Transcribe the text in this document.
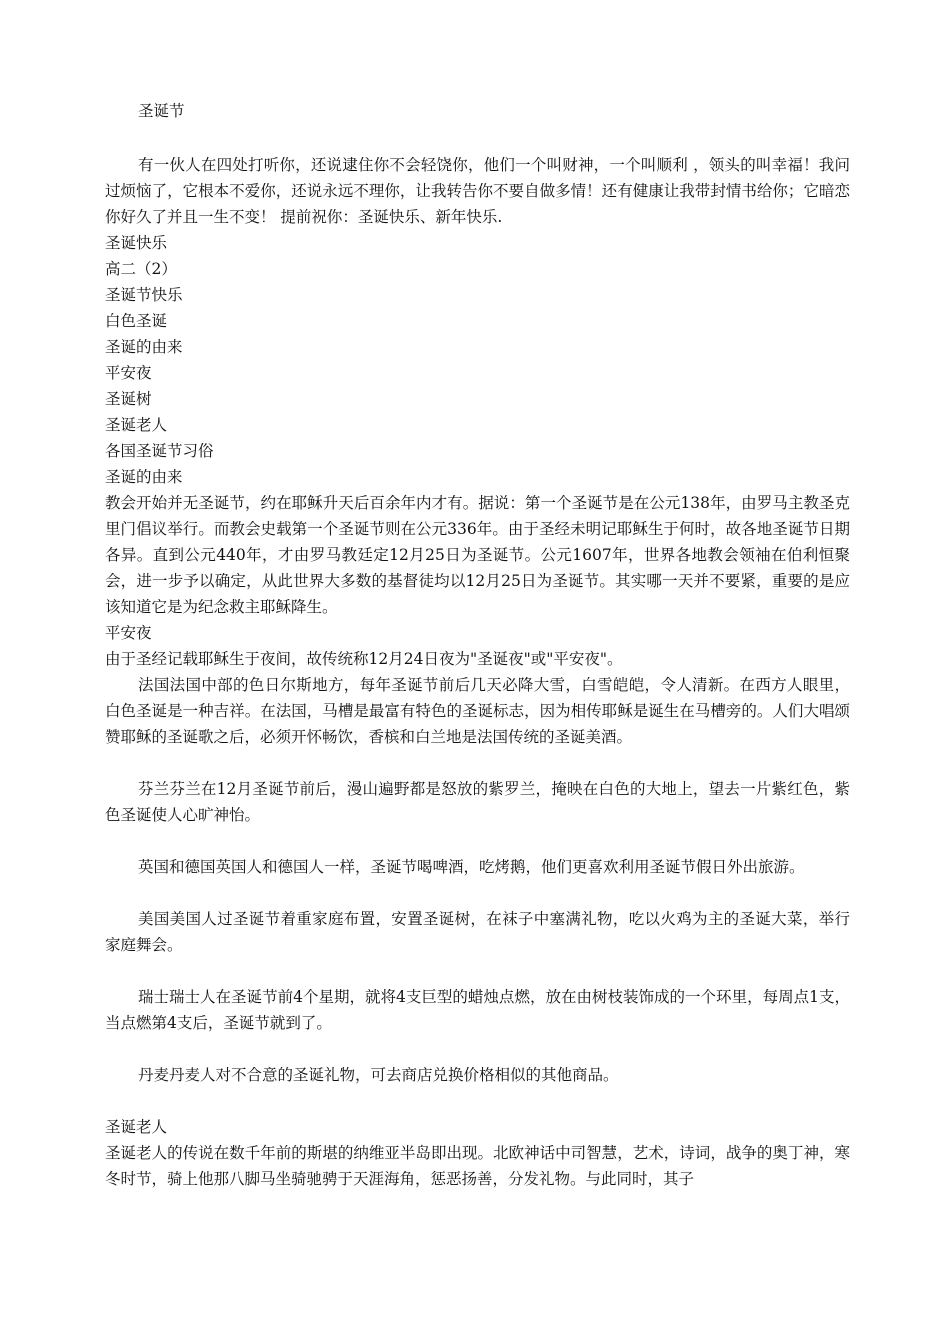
圣诞节

有一伙人在四处打听你，还说逮住你不会轻饶你，他们一个叫财神，一个叫顺利 ，领头的叫幸福！我问过烦恼了，它根本不爱你，还说永远不理你，让我转告你不要自做多情！还有健康让我带封情书给你；它暗恋你好久了并且一生不变！ 提前祝你：圣诞快乐、新年快乐.

圣诞快乐

高二（2）

圣诞节快乐

白色圣诞

圣诞的由来

平安夜

圣诞树

圣诞老人

各国圣诞节习俗

圣诞的由来

教会开始并无圣诞节，约在耶稣升天后百余年内才有。据说：第一个圣诞节是在公元138年，由罗马主教圣克里门倡议举行。而教会史载第一个圣诞节则在公元336年。由于圣经未明记耶稣生于何时，故各地圣诞节日期各异。直到公元440年，才由罗马教廷定12月25日为圣诞节。公元1607年，世界各地教会领袖在伯利恒聚会，进一步予以确定，从此世界大多数的基督徒均以12月25日为圣诞节。其实哪一天并不要紧，重要的是应该知道它是为纪念救主耶稣降生。

平安夜

由于圣经记载耶稣生于夜间，故传统称12月24日夜为"圣诞夜"或"平安夜"。

法国法国中部的色日尔斯地方，每年圣诞节前后几天必降大雪，白雪皑皑，令人清新。在西方人眼里，白色圣诞是一种吉祥。在法国，马槽是最富有特色的圣诞标志，因为相传耶稣是诞生在马槽旁的。人们大唱颂赞耶稣的圣诞歌之后，必须开怀畅饮，香槟和白兰地是法国传统的圣诞美酒。

芬兰芬兰在12月圣诞节前后，漫山遍野都是怒放的紫罗兰，掩映在白色的大地上，望去一片紫红色，紫色圣诞使人心旷神怡。

英国和德国英国人和德国人一样，圣诞节喝啤酒，吃烤鹅，他们更喜欢利用圣诞节假日外出旅游。

美国美国人过圣诞节着重家庭布置，安置圣诞树，在袜子中塞满礼物，吃以火鸡为主的圣诞大菜，举行家庭舞会。

瑞士瑞士人在圣诞节前4个星期，就将4支巨型的蜡烛点燃，放在由树枝装饰成的一个环里，每周点1支，当点燃第4支后，圣诞节就到了。

丹麦丹麦人对不合意的圣诞礼物，可去商店兑换价格相似的其他商品。

圣诞老人

圣诞老人的传说在数千年前的斯堪的纳维亚半岛即出现。北欧神话中司智慧，艺术，诗词，战争的奥丁神，寒冬时节，骑上他那八脚马坐骑驰骋于天涯海角，惩恶扬善，分发礼物。与此同时，其子
